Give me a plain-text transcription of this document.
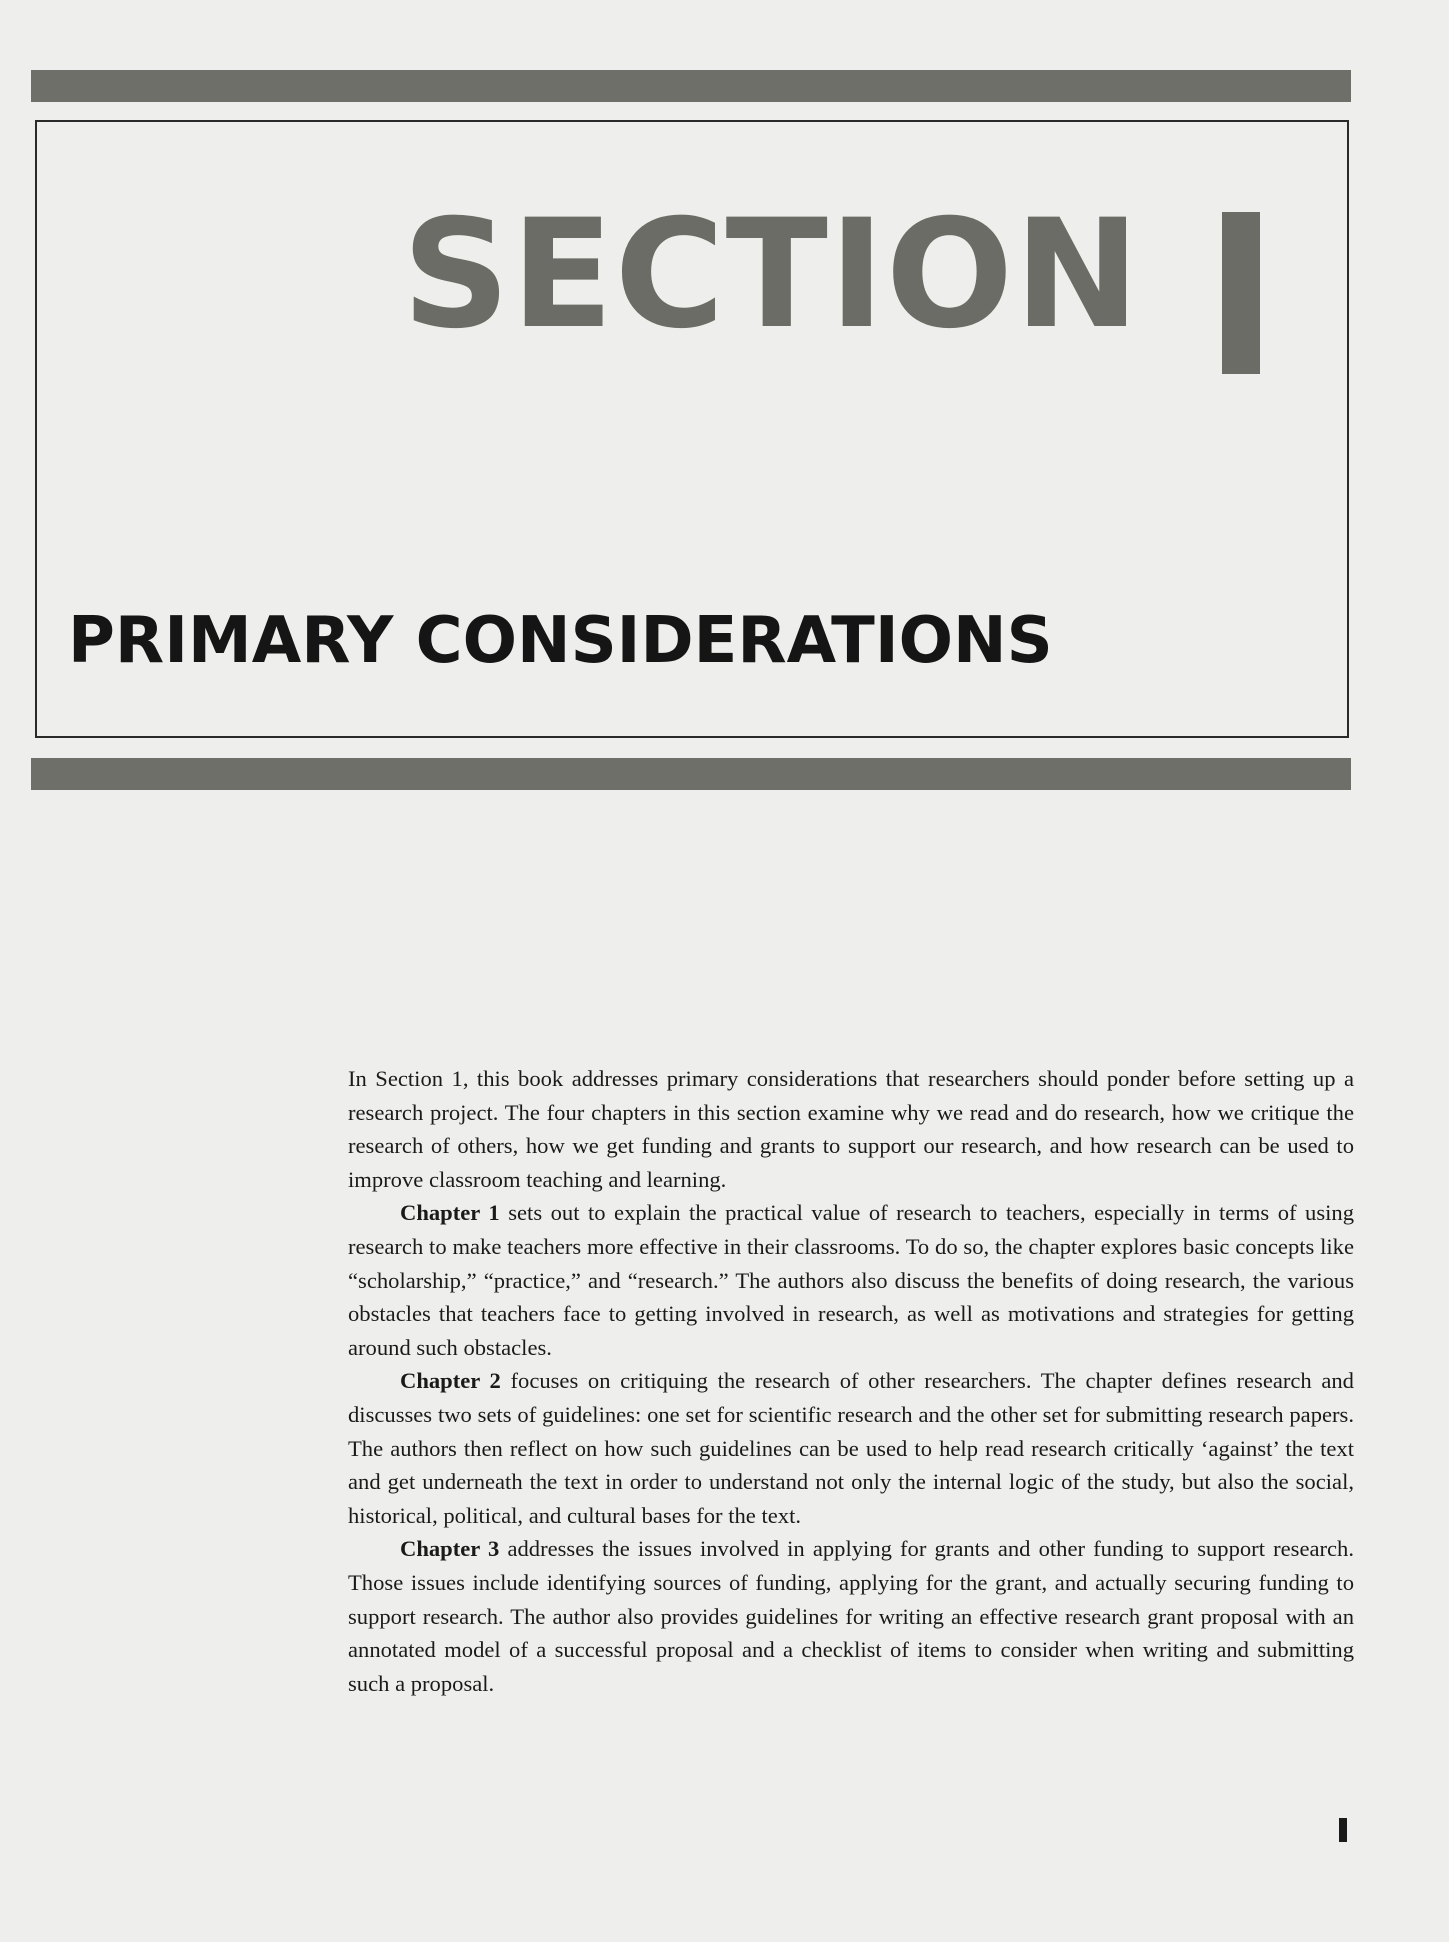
SECTION
PRIMARY CONSIDERATIONS

In Section 1, this book addresses primary considerations that researchers should ponder before setting up a research project. The four chapters in this section examine why we read and do research, how we critique the research of others, how we get funding and grants to support our research, and how research can be used to improve classroom teaching and learning.

Chapter 1 sets out to explain the practical value of research to teachers, especially in terms of using research to make teachers more effective in their classrooms. To do so, the chapter explores basic concepts like “scholarship,” “practice,” and “research.” The authors also discuss the benefits of doing research, the various obstacles that teachers face to getting involved in research, as well as motivations and strategies for getting around such obstacles.

Chapter 2 focuses on critiquing the research of other researchers. The chapter defines research and discusses two sets of guidelines: one set for scientific research and the other set for submitting research papers. The authors then reflect on how such guidelines can be used to help read research critically ‘against’ the text and get underneath the text in order to understand not only the internal logic of the study, but also the social, historical, political, and cultural bases for the text.

Chapter 3 addresses the issues involved in applying for grants and other funding to support research. Those issues include identifying sources of funding, applying for the grant, and actually securing funding to support research. The author also provides guidelines for writing an effective research grant proposal with an annotated model of a successful proposal and a checklist of items to consider when writing and submitting such a proposal.
